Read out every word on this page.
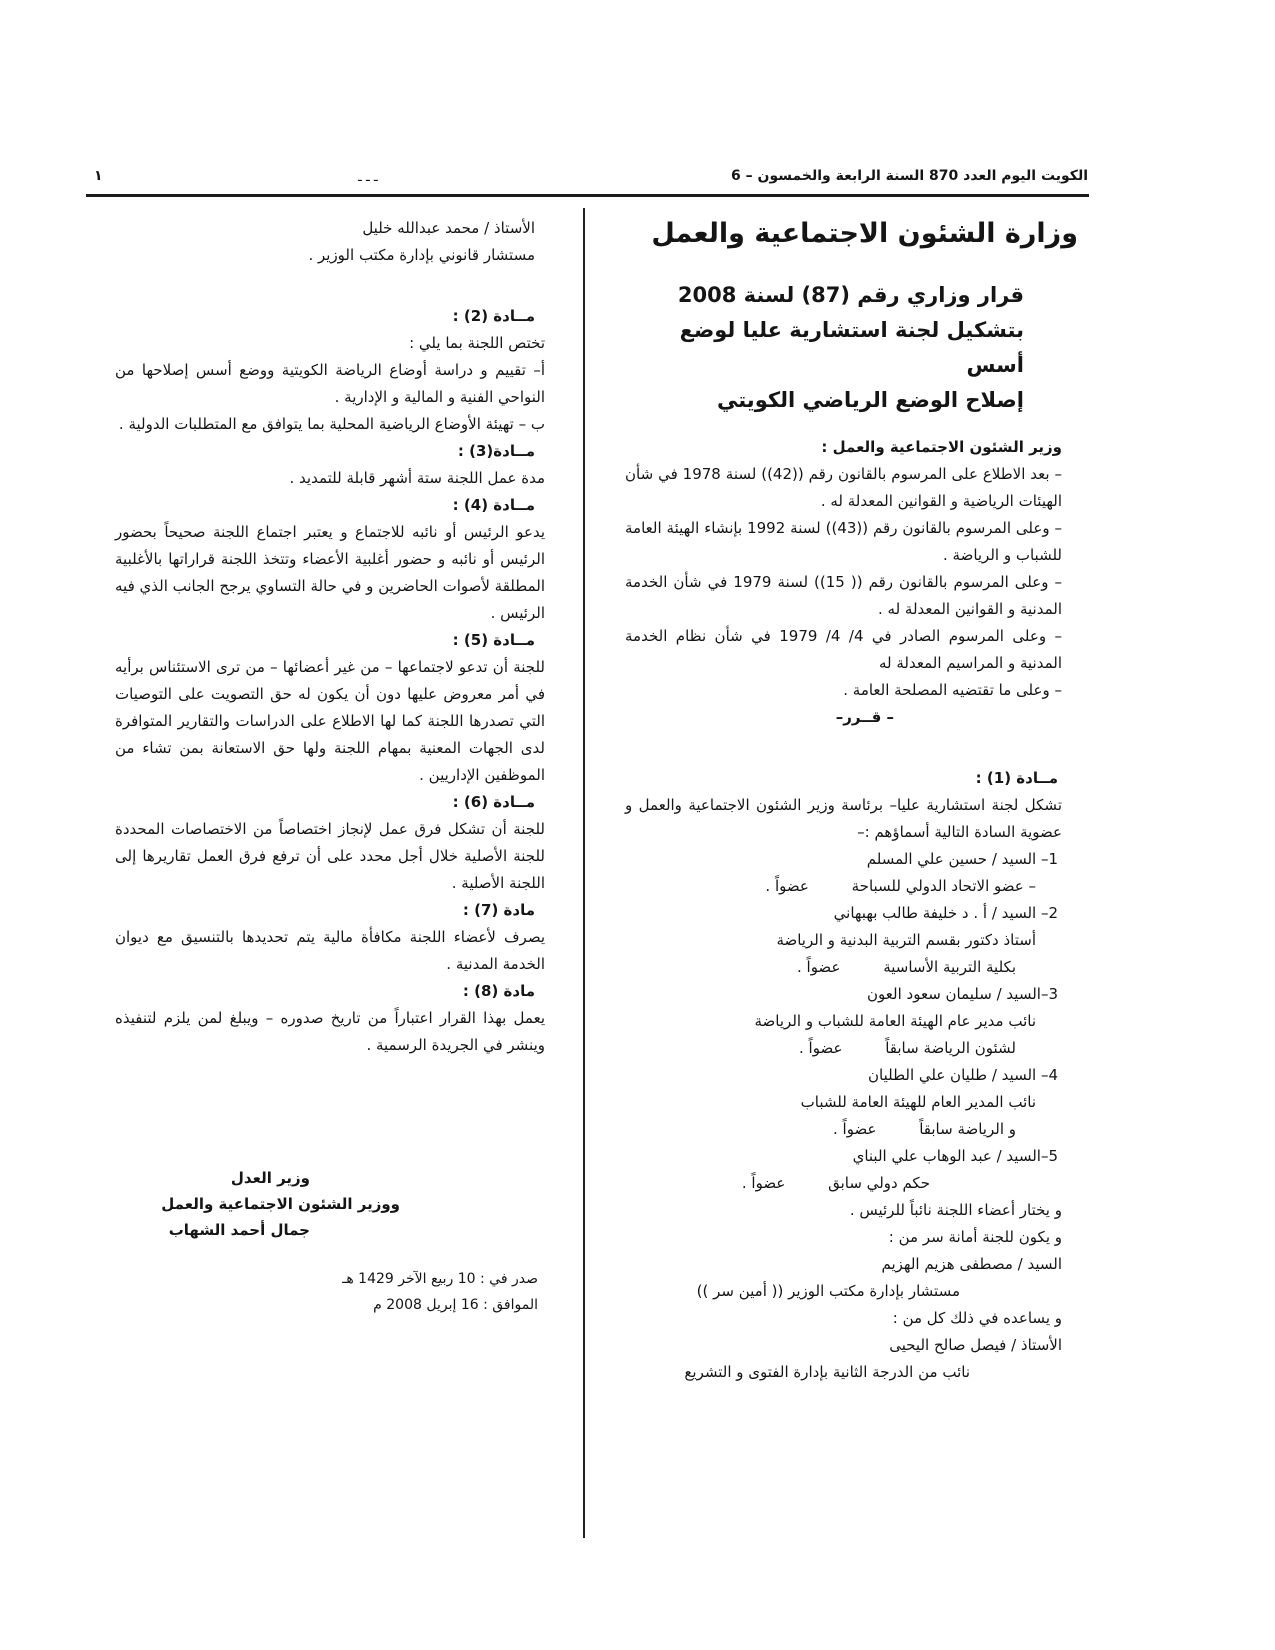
الكويت اليوم العدد 870 السنة الرابعة والخمسون – 6
ـ ـ ـ
١
وزارة الشئون الاجتماعية والعمل
قرار وزاري رقم (87) لسنة 2008
بتشكيل لجنة استشارية عليا لوضع أسس
إصلاح الوضع الرياضي الكويتي
وزير الشئون الاجتماعية والعمل :
– بعد الاطلاع على المرسوم بالقانون رقم ((42)) لسنة 1978 في شأن الهيئات الرياضية و القوانين المعدلة له .
– وعلى المرسوم بالقانون رقم ((43)) لسنة 1992 بإنشاء الهيئة العامة للشباب و الرياضة .
– وعلى المرسوم بالقانون رقم (( 15)) لسنة 1979 في شأن الخدمة المدنية و القوانين المعدلة له .
– وعلى المرسوم الصادر في 4/ 4/ 1979 في شأن نظام الخدمة المدنية و المراسيم المعدلة له
– وعلى ما تقتضيه المصلحة العامة .
– قــرر–
مــادة (1) :
تشكل لجنة استشارية عليا– برئاسة وزير الشئون الاجتماعية والعمل و عضوية السادة التالية أسماؤهم :–
1– السيد / حسين علي المسلم
– عضو الاتحاد الدولي للسباحة عضواً .
2– السيد / أ . د خليفة طالب بهبهاني
أستاذ دكتور بقسم التربية البدنية و الرياضة
بكلية التربية الأساسية عضواً .
3–السيد / سليمان سعود العون
نائب مدير عام الهيئة العامة للشباب و الرياضة
لشئون الرياضة سابقاً عضواً .
4– السيد / طليان علي الطليان
نائب المدير العام للهيئة العامة للشباب
و الرياضة سابقاً عضواً .
5–السيد / عبد الوهاب علي البناي
حكم دولي سابق عضواً .
و يختار أعضاء اللجنة نائباً للرئيس .
و يكون للجنة أمانة سر من :
السيد / مصطفى هزيم الهزيم
مستشار بإدارة مكتب الوزير (( أمين سر ))
و يساعده في ذلك كل من :
الأستاذ / فيصل صالح اليحيى
نائب من الدرجة الثانية بإدارة الفتوى و التشريع
الأستاذ / محمد عبدالله خليل
مستشار قانوني بإدارة مكتب الوزير .
مــادة (2) :
تختص اللجنة بما يلي :
أ– تقييم و دراسة أوضاع الرياضة الكويتية ووضع أسس إصلاحها من النواحي الفنية و المالية و الإدارية .
ب – تهيئة الأوضاع الرياضية المحلية بما يتوافق مع المتطلبات الدولية .
مــادة(3) :
مدة عمل اللجنة ستة أشهر قابلة للتمديد .
مــادة (4) :
يدعو الرئيس أو نائبه للاجتماع و يعتبر اجتماع اللجنة صحيحاً بحضور الرئيس أو نائبه و حضور أغلبية الأعضاء وتتخذ اللجنة قراراتها بالأغلبية المطلقة لأصوات الحاضرين و في حالة التساوي يرجح الجانب الذي فيه الرئيس .
مــادة (5) :
للجنة أن تدعو لاجتماعها – من غير أعضائها – من ترى الاستئناس برأيه في أمر معروض عليها دون أن يكون له حق التصويت على التوصيات التي تصدرها اللجنة كما لها الاطلاع على الدراسات والتقارير المتوافرة لدى الجهات المعنية بمهام اللجنة ولها حق الاستعانة بمن تشاء من الموظفين الإداريين .
مــادة (6) :
للجنة أن تشكل فرق عمل لإنجاز اختصاصاً من الاختصاصات المحددة للجنة الأصلية خلال أجل محدد على أن ترفع فرق العمل تقاريرها إلى اللجنة الأصلية .
مادة (7) :
يصرف لأعضاء اللجنة مكافأة مالية يتم تحديدها بالتنسيق مع ديوان الخدمة المدنية .
مادة (8) :
يعمل بهذا القرار اعتباراً من تاريخ صدوره – ويبلغ لمن يلزم لتنفيذه وينشر في الجريدة الرسمية .
وزير العدل
ووزير الشئون الاجتماعية والعمل
جمال أحمد الشهاب
صدر في : 10 ربيع الآخر 1429 هـ
الموافق : 16 إبريل 2008 م
